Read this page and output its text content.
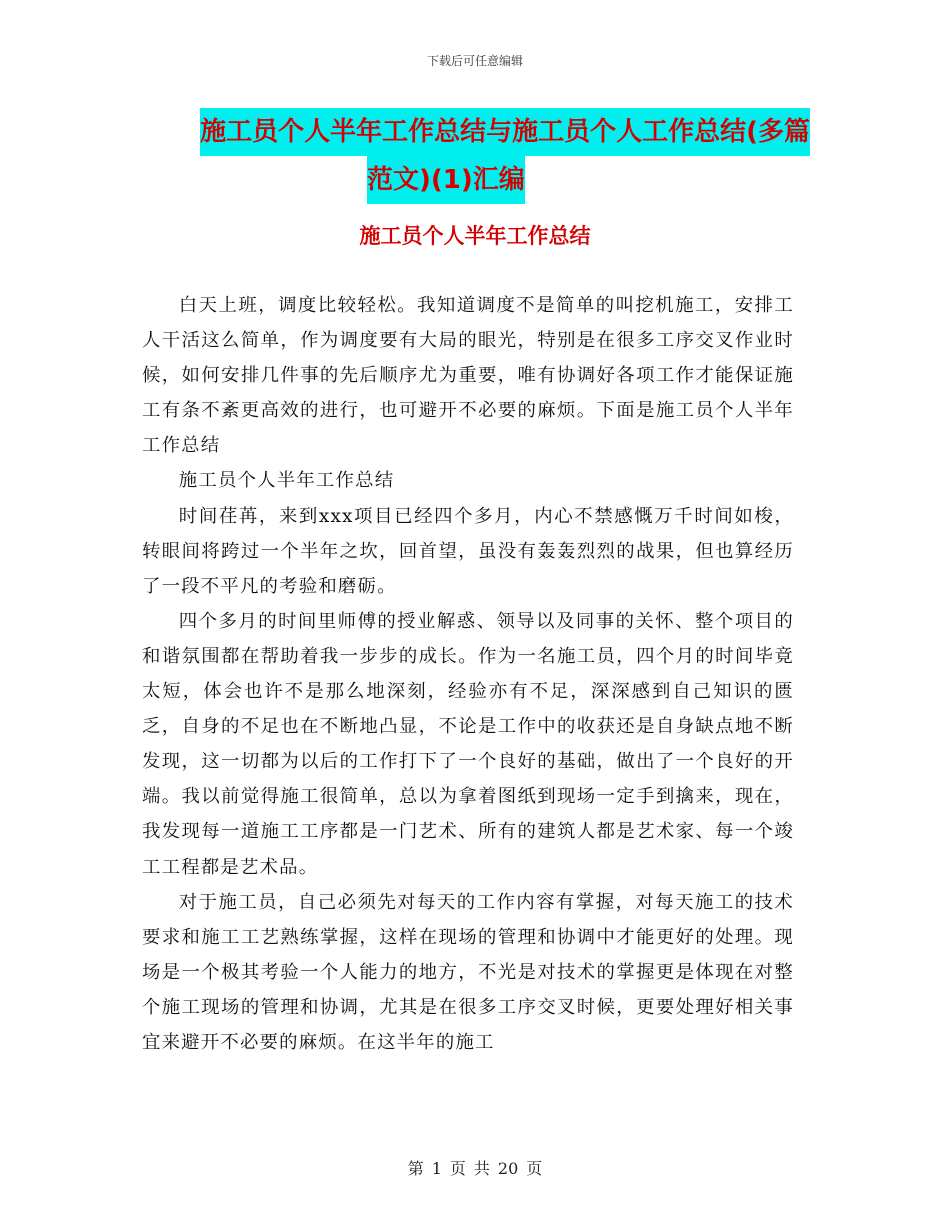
下载后可任意编辑
施工员个人半年工作总结与施工员个人工作总结(多篇
范文)(1)汇编
施工员个人半年工作总结

白天上班，调度比较轻松。我知道调度不是简单的叫挖机施工，安排工人干活这么简单，作为调度要有大局的眼光，特别是在很多工序交叉作业时候，如何安排几件事的先后顺序尤为重要，唯有协调好各项工作才能保证施工有条不紊更高效的进行，也可避开不必要的麻烦。下面是施工员个人半年工作总结

施工员个人半年工作总结

时间荏苒，来到xxx项目已经四个多月，内心不禁感慨万千时间如梭，转眼间将跨过一个半年之坎，回首望，虽没有轰轰烈烈的战果，但也算经历了一段不平凡的考验和磨砺。

四个多月的时间里师傅的授业解惑、领导以及同事的关怀、整个项目的和谐氛围都在帮助着我一步步的成长。作为一名施工员，四个月的时间毕竟太短，体会也许不是那么地深刻，经验亦有不足，深深感到自己知识的匮乏，自身的不足也在不断地凸显，不论是工作中的收获还是自身缺点地不断发现，这一切都为以后的工作打下了一个良好的基础，做出了一个良好的开端。我以前觉得施工很简单，总以为拿着图纸到现场一定手到擒来，现在，我发现每一道施工工序都是一门艺术、所有的建筑人都是艺术家、每一个竣工工程都是艺术品。

对于施工员，自己必须先对每天的工作内容有掌握，对每天施工的技术要求和施工工艺熟练掌握，这样在现场的管理和协调中才能更好的处理。现场是一个极其考验一个人能力的地方，不光是对技术的掌握更是体现在对整个施工现场的管理和协调，尤其是在很多工序交叉时候，更要处理好相关事宜来避开不必要的麻烦。在这半年的施工

第 1 页 共 20 页
